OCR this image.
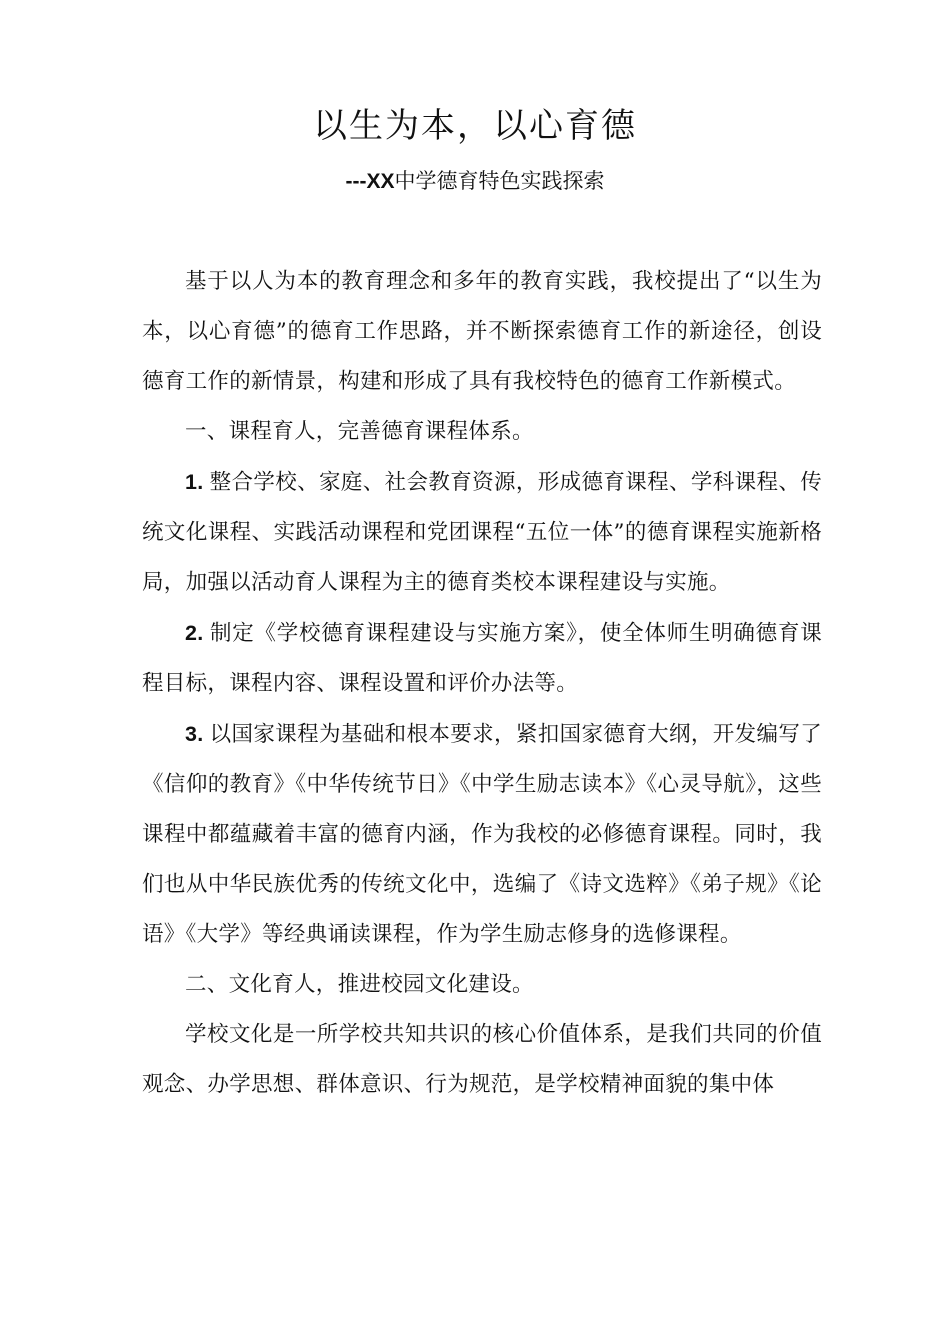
以生为本，以心育德
---XX中学德育特色实践探索

基于以人为本的教育理念和多年的教育实践，我校提出了“以生为本，以心育德”的德育工作思路，并不断探索德育工作的新途径，创设德育工作的新情景，构建和形成了具有我校特色的德育工作新模式。

一、课程育人，完善德育课程体系。

1. 整合学校、家庭、社会教育资源，形成德育课程、学科课程、传统文化课程、实践活动课程和党团课程“五位一体”的德育课程实施新格局，加强以活动育人课程为主的德育类校本课程建设与实施。

2. 制定《学校德育课程建设与实施方案》，使全体师生明确德育课程目标，课程内容、课程设置和评价办法等。

3. 以国家课程为基础和根本要求，紧扣国家德育大纲，开发编写了《信仰的教育》《中华传统节日》《中学生励志读本》《心灵导航》，这些课程中都蕴藏着丰富的德育内涵，作为我校的必修德育课程。同时，我们也从中华民族优秀的传统文化中，选编了《诗文选粹》《弟子规》《论语》《大学》等经典诵读课程，作为学生励志修身的选修课程。

二、文化育人，推进校园文化建设。

学校文化是一所学校共知共识的核心价值体系，是我们共同的价值观念、办学思想、群体意识、行为规范，是学校精神面貌的集中体
